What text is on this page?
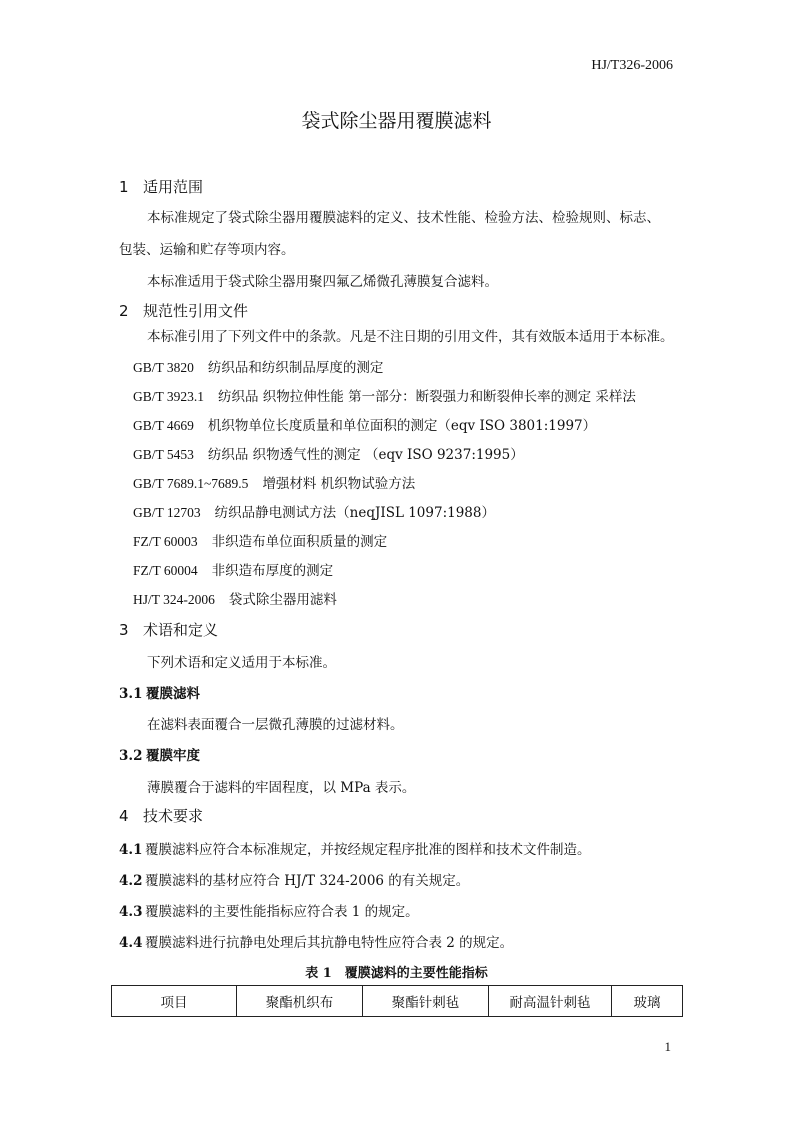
HJ/T326-2006
袋式除尘器用覆膜滤料
1 适用范围
本标准规定了袋式除尘器用覆膜滤料的定义、技术性能、检验方法、检验规则、标志、
包装、运输和贮存等项内容。
本标准适用于袋式除尘器用聚四氟乙烯微孔薄膜复合滤料。
2 规范性引用文件
本标准引用了下列文件中的条款。凡是不注日期的引用文件，其有效版本适用于本标准。
GB/T 3820 纺织品和纺织制品厚度的测定
GB/T 3923.1 纺织品 织物拉伸性能 第一部分：断裂强力和断裂伸长率的测定 采样法
GB/T 4669 机织物单位长度质量和单位面积的测定（eqv ISO 3801:1997）
GB/T 5453 纺织品 织物透气性的测定 （eqv ISO 9237:1995）
GB/T 7689.1~7689.5 增强材料 机织物试验方法
GB/T 12703 纺织品静电测试方法（neqJISL 1097:1988）
FZ/T 60003 非织造布单位面积质量的测定
FZ/T 60004 非织造布厚度的测定
HJ/T 324-2006 袋式除尘器用滤料
3 术语和定义
下列术语和定义适用于本标准。
3.1 覆膜滤料
在滤料表面覆合一层微孔薄膜的过滤材料。
3.2 覆膜牢度
薄膜覆合于滤料的牢固程度，以 MPa 表示。
4 技术要求
4.1 覆膜滤料应符合本标准规定，并按经规定程序批准的图样和技术文件制造。
4.2 覆膜滤料的基材应符合 HJ/T 324-2006 的有关规定。
4.3 覆膜滤料的主要性能指标应符合表 1 的规定。
4.4 覆膜滤料进行抗静电处理后其抗静电特性应符合表 2 的规定。
表 1　覆膜滤料的主要性能指标
项目	聚酯机织布	聚酯针刺毡	耐高温针刺毡	玻璃
1
